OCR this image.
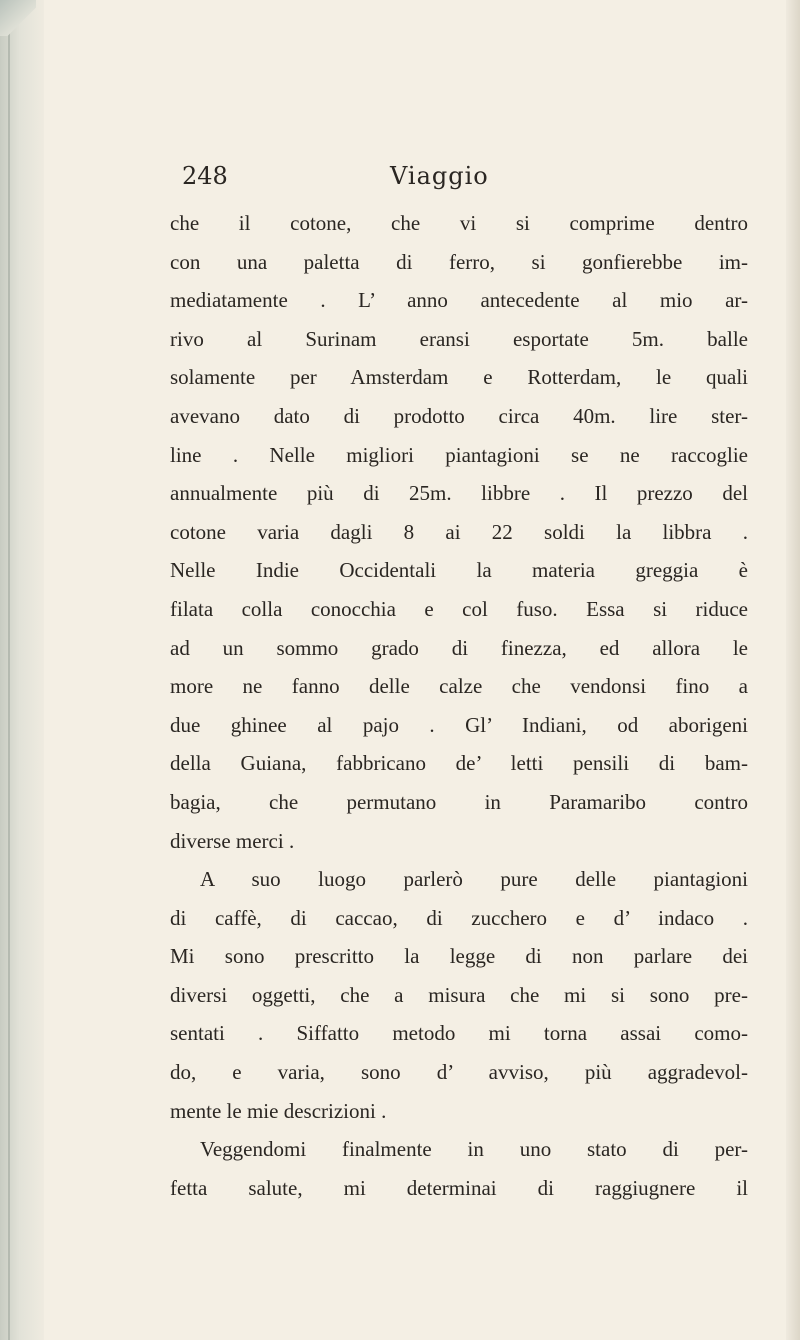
248	Viaggio
che il cotone, che vi si comprime dentro
con una paletta di ferro, si gonfierebbe im-
mediatamente . L’ anno antecedente al mio ar-
rivo al Surinam eransi esportate 5m. balle
solamente per Amsterdam e Rotterdam, le quali
avevano dato di prodotto circa 40m. lire ster-
line . Nelle migliori piantagioni se ne raccoglie
annualmente più di 25m. libbre . Il prezzo del
cotone varia dagli 8 ai 22 soldi la libbra .
Nelle Indie Occidentali la materia greggia è
filata colla conocchia e col fuso. Essa si riduce
ad un sommo grado di finezza, ed allora le
more ne fanno delle calze che vendonsi fino a
due ghinee al pajo . Gl’ Indiani, od aborigeni
della Guiana, fabbricano de’ letti pensili di bam-
bagia, che permutano in Paramaribo contro
diverse merci .
A suo luogo parlerò pure delle piantagioni
di caffè, di caccao, di zucchero e d’ indaco .
Mi sono prescritto la legge di non parlare dei
diversi oggetti, che a misura che mi si sono pre-
sentati . Siffatto metodo mi torna assai como-
do, e varia, sono d’ avviso, più aggradevol-
mente le mie descrizioni .
Veggendomi finalmente in uno stato di per-
fetta salute, mi determinai di raggiugnere il
